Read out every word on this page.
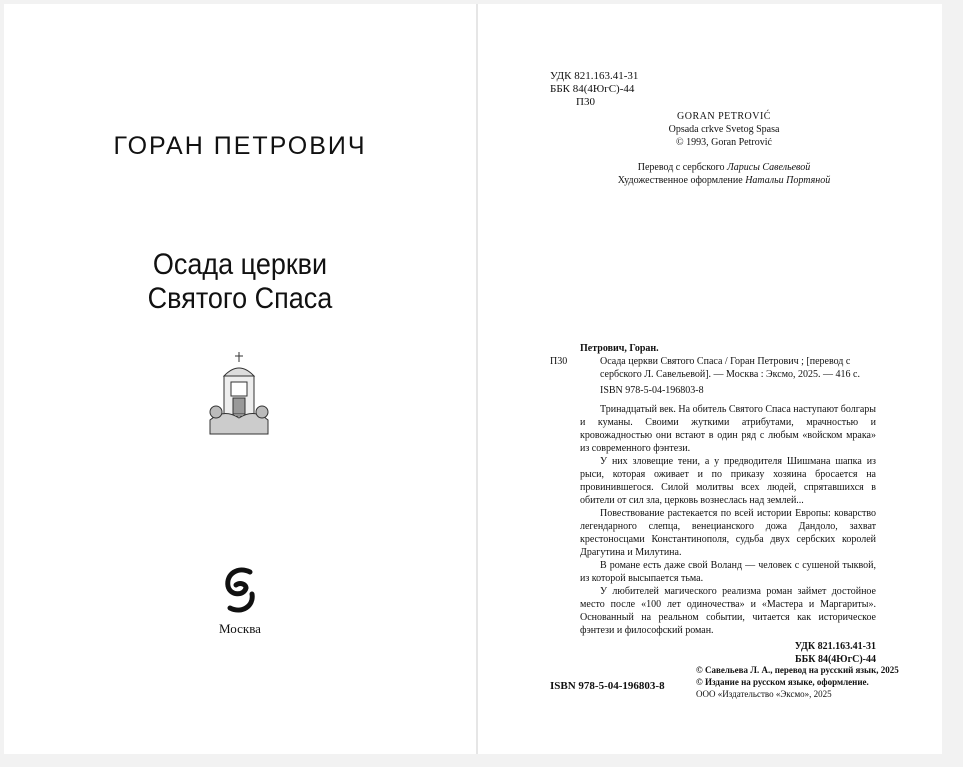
ГОРАН ПЕТРОВИЧ
Осада церкви
Святого Спаса
Москва
УДК 821.163.41-31
ББК 84(4ЮгС)-44
П30
GORAN PETROVIĆ
Opsada crkve Svetog Spasa
© 1993, Goran Petrović
Перевод с сербского Ларисы Савельевой
Художественное оформление Натальи Портяной
Петрович, Горан.
П30	Осада церкви Святого Спаса / Горан Петрович ; [перевод с сербского Л. Савельевой]. — Москва : Эксмо, 2025. — 416 с.
ISBN 978-5-04-196803-8

Тринадцатый век. На обитель Святого Спаса наступают болгары и куманы. Своими жуткими атрибутами, мрачностью и кровожадностью они встают в один ряд с любым «войском мрака» из современного фэнтези.

У них зловещие тени, а у предводителя Шишмана шапка из рыси, которая оживает и по приказу хозяина бросается на провинившегося. Силой молитвы всех людей, спрятавшихся в обители от сил зла, церковь вознеслась над землей...

Повествование растекается по всей истории Европы: коварство легендарного слепца, венецианского дожа Дандоло, захват крестоносцами Константинополя, судьба двух сербских королей Драгутина и Милутина.

В романе есть даже свой Воланд — человек с сушеной тыквой, из которой высыпается тьма.

У любителей магического реализма роман займет достойное место после «100 лет одиночества» и «Мастера и Маргариты». Основанный на реальном событии, читается как историческое фэнтези и философский роман.

УДК 821.163.41-31
ББК 84(4ЮгС)-44
ISBN 978-5-04-196803-8
© Савельева Л. А., перевод на русский язык, 2025
© Издание на русском языке, оформление.
ООО «Издательство «Эксмо», 2025
